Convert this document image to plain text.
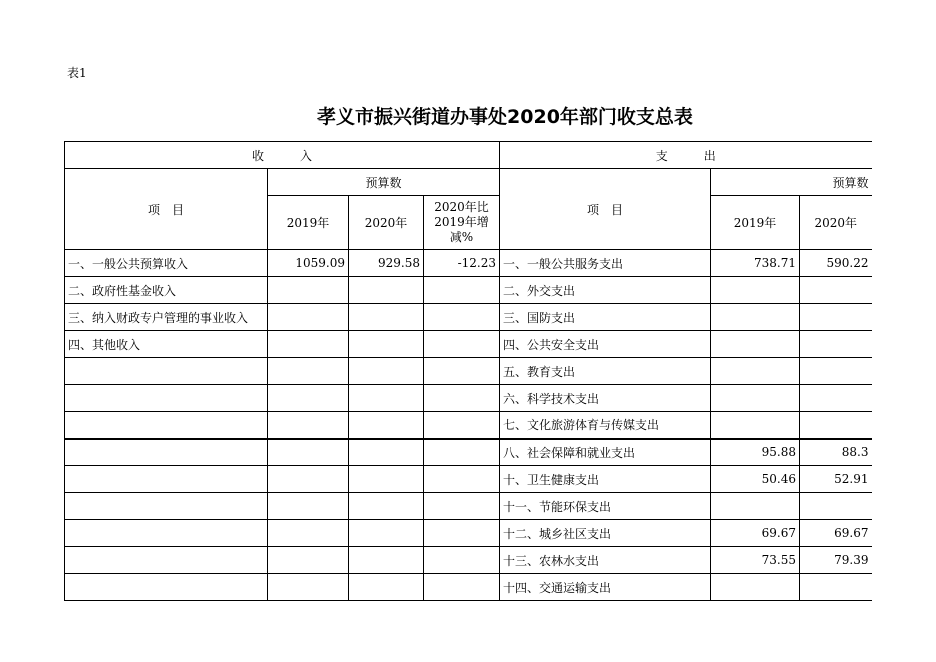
表1
孝义市振兴街道办事处2020年部门收支总表
收　　　入				支　　　出		
项　目	预算数			项　目	预算数	
	2019年	2020年	2020年比2019年增减%		2019年	2020年
一、一般公共预算收入	1059.09	929.58	-12.23	一、一般公共服务支出	738.71	590.22
二、政府性基金收入				二、外交支出		
三、纳入财政专户管理的事业收入				三、国防支出		
四、其他收入				四、公共安全支出		
				五、教育支出		
				六、科学技术支出		
				七、文化旅游体育与传媒支出		
				八、社会保障和就业支出	95.88	88.3
				十、卫生健康支出	50.46	52.91
				十一、节能环保支出		
				十二、城乡社区支出	69.67	69.67
				十三、农林水支出	73.55	79.39
				十四、交通运输支出		
